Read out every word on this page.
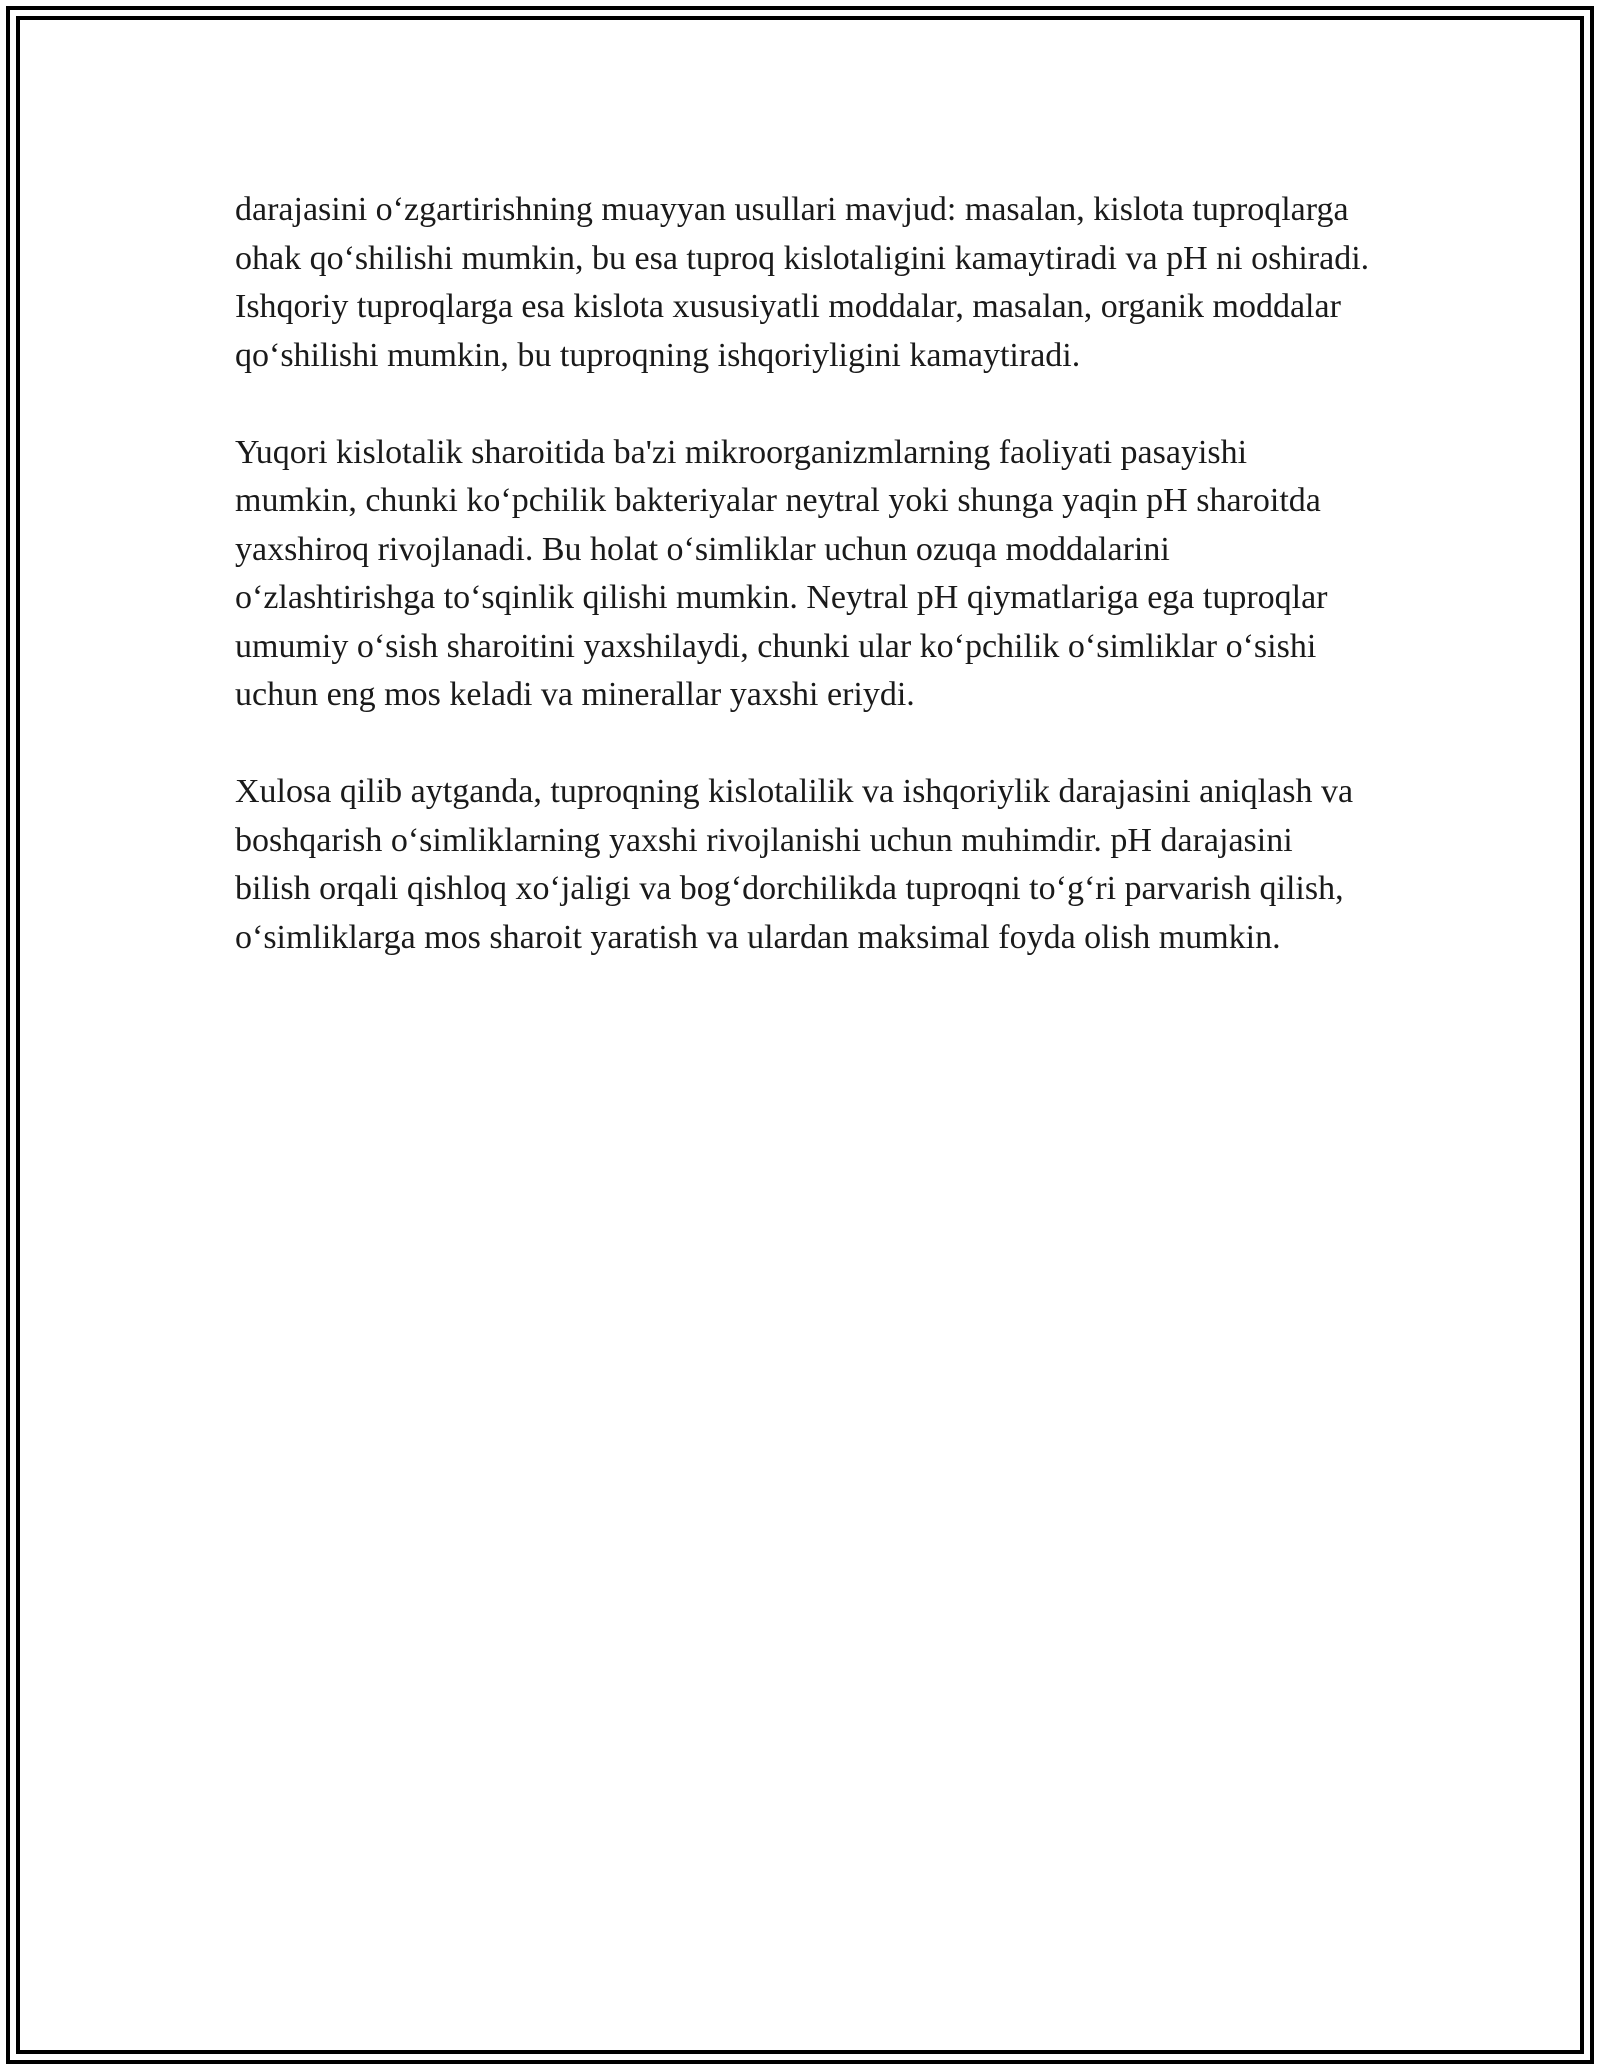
darajasini o‘zgartirishning muayyan usullari mavjud: masalan, kislota tuproqlarga ohak qo‘shilishi mumkin, bu esa tuproq kislotaligini kamaytiradi va pH ni oshiradi. Ishqoriy tuproqlarga esa kislota xususiyatli moddalar, masalan, organik moddalar qo‘shilishi mumkin, bu tuproqning ishqoriyligini kamaytiradi.

Yuqori kislotalik sharoitida ba'zi mikroorganizmlarning faoliyati pasayishi mumkin, chunki ko‘pchilik bakteriyalar neytral yoki shunga yaqin pH sharoitda yaxshiroq rivojlanadi. Bu holat o‘simliklar uchun ozuqa moddalarini o‘zlashtirishga to‘sqinlik qilishi mumkin. Neytral pH qiymatlariga ega tuproqlar umumiy o‘sish sharoitini yaxshilaydi, chunki ular ko‘pchilik o‘simliklar o‘sishi uchun eng mos keladi va minerallar yaxshi eriydi.

Xulosa qilib aytganda, tuproqning kislotalilik va ishqoriylik darajasini aniqlash va boshqarish o‘simliklarning yaxshi rivojlanishi uchun muhimdir. pH darajasini bilish orqali qishloq xo‘jaligi va bog‘dorchilikda tuproqni to‘g‘ri parvarish qilish, o‘simliklarga mos sharoit yaratish va ulardan maksimal foyda olish mumkin.
